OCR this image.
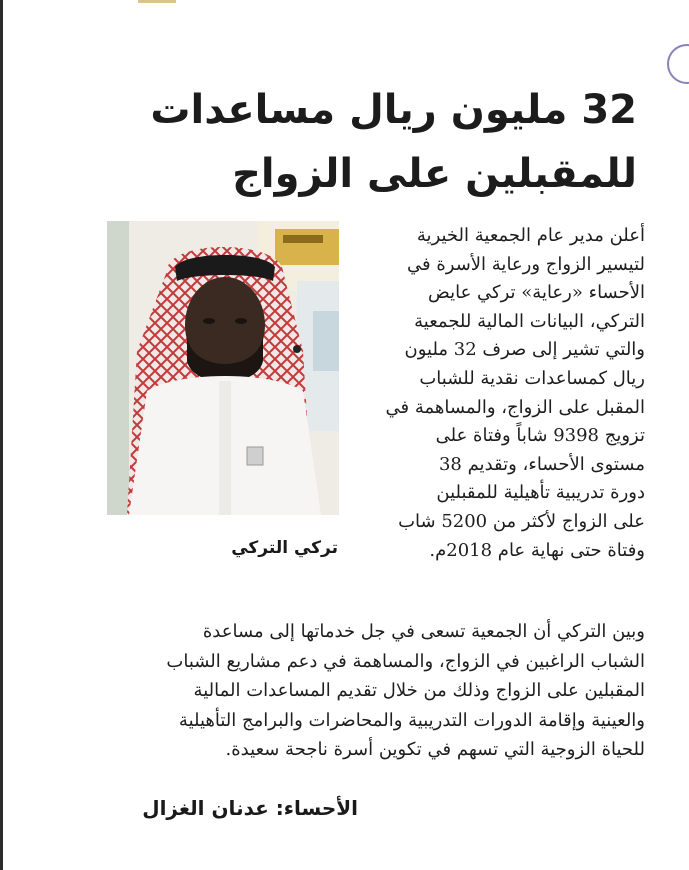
32 مليون ريال مساعدات
للمقبلين على الزواج
تركي التركي
أعلن مدير عام الجمعية الخيرية
لتيسير الزواج ورعاية الأسرة في
الأحساء «رعاية» تركي عايض
التركي، البيانات المالية للجمعية
والتي تشير إلى صرف 32 مليون
ريال كمساعدات نقدية للشباب
المقبل على الزواج، والمساهمة في
تزويج 9398 شاباً وفتاة على
مستوى الأحساء، وتقديم 38
دورة تدريبية تأهيلية للمقبلين
على الزواج لأكثر من 5200 شاب
وفتاة حتى نهاية عام 2018م.
وبين التركي أن الجمعية تسعى في جل خدماتها إلى مساعدة
الشباب الراغبين في الزواج، والمساهمة في دعم مشاريع الشباب
المقبلين على الزواج وذلك من خلال تقديم المساعدات المالية
والعينية وإقامة الدورات التدريبية والمحاضرات والبرامج التأهيلية
للحياة الزوجية التي تسهم في تكوين أسرة ناجحة سعيدة.
الأحساء: عدنان الغزال
